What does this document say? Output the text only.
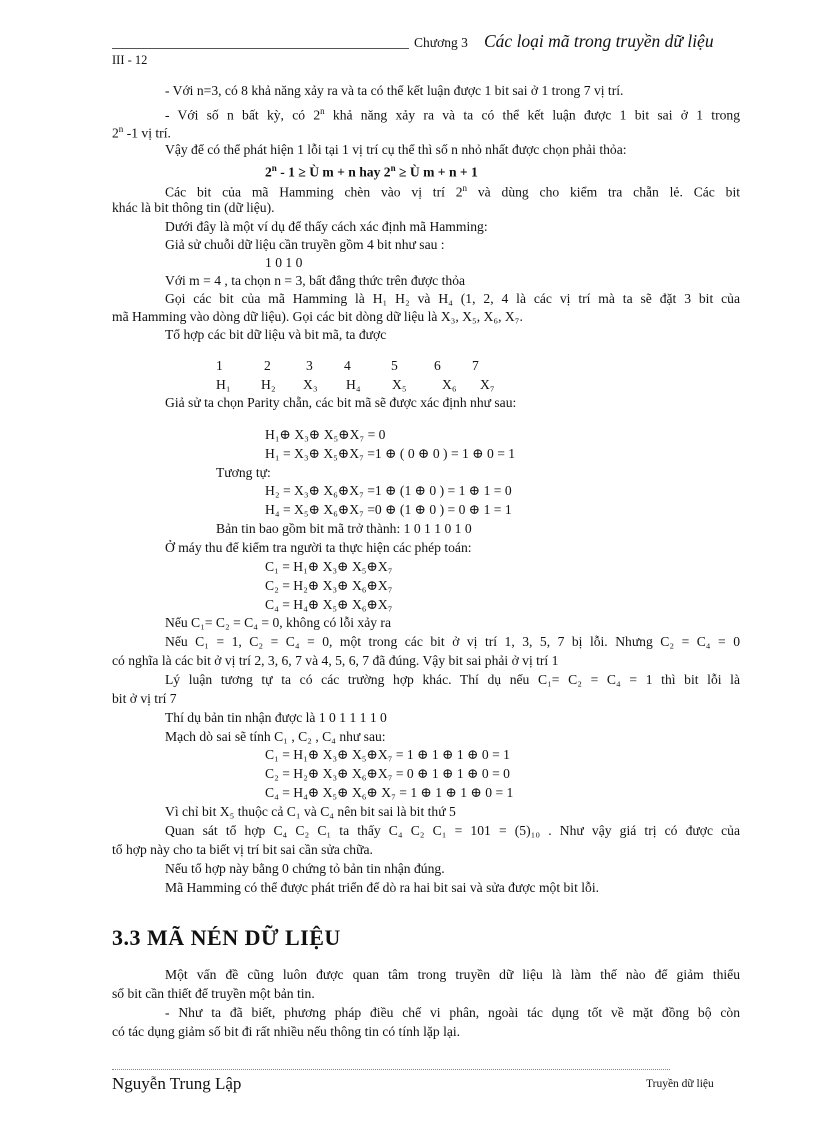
Chương 3 Các loại mã trong truyền dữ liệu
III - 12
- Với n=3, có 8 khả năng xảy ra và ta có thể kết luận được 1 bit sai ở 1 trong 7 vị trí.
- Với số n bất kỳ, có 2$^n$ khả năng xảy ra và ta có thể kết luận được 1 bit sai ở 1 trong
2$^n$ -1 vị trí.
Vậy để có thể phát hiện 1 lỗi tại 1 vị trí cụ thể thì số n nhỏ nhất được chọn phải thỏa:
2$^n$ - 1 ≥ Ù m + n hay $2^n$ ≥ Ù m + n + 1
Các bit của mã Hamming chèn vào vị trí 2$^n$ và dùng cho kiểm tra chẵn lẻ. Các bit
khác là bit thông tin (dữ liệu).
Dưới đây là một ví dụ để thấy cách xác định mã Hamming:
Giả sử chuỗi dữ liệu cần truyền gồm 4 bit như sau :
1 0 1 0
Với m = 4 , ta chọn n = 3, bất đẳng thức trên được thỏa
Gọi các bit của mã Hamming là H₁ H₂ và H₄ (1, 2, 4 là các vị trí mà ta sẽ đặt 3 bit của
mã Hamming vào dòng dữ liệu). Gọi các bit dòng dữ liệu là X₃, X₅, X₆, X₇.
Tổ hợp các bit dữ liệu và bit mã, ta được
1	2	3 4	5	6 7
H₁ H₂ X₃ H₄ X₅	X₆ X₇
Giả sử ta chọn Parity chẵn, các bit mã sẽ được xác định như sau:
H₁⊕ X₃⊕ X₅⊕X₇ = 0
H₁ = X₃⊕ X₅⊕X₇ =1 ⊕ ( 0 ⊕ 0 ) = 1 ⊕ 0 = 1
Tương tự:
H₂ = X₃⊕ X₆⊕X₇ =1 ⊕ (1 ⊕ 0 ) = 1 ⊕ 1 = 0
H₄ = X₅⊕ X₆⊕X₇ =0 ⊕ (1 ⊕ 0 ) = 0 ⊕ 1 = 1
Bản tin bao gồm bit mã trở thành: 1 0 1 1 0 1 0
Ở máy thu để kiểm tra người ta thực hiện các phép toán:
C₁ = H₁⊕ X₃⊕ X₅⊕X₇
C₂ = H₂⊕ X₃⊕ X₆⊕X₇
C₄ = H₄⊕ X₅⊕ X₆⊕X₇
Nếu C₁= C₂ = C₄ = 0, không có lỗi xảy ra
Nếu C₁ = 1, C₂ = C₄ = 0, một trong các bit ở vị trí 1, 3, 5, 7 bị lỗi. Nhưng C₂ = C₄ = 0
có nghĩa là các bit ở vị trí 2, 3, 6, 7 và 4, 5, 6, 7 đã đúng. Vậy bit sai phải ở vị trí 1
Lý luận tương tự ta có các trường hợp khác. Thí dụ nếu C₁= C₂ = C₄ = 1 thì bit lỗi là
bit ở vị trí 7
Thí dụ bản tin nhận được là 1 0 1 1 1 1 0
Mạch dò sai sẽ tính C₁ , C₂ , C₄ như sau:
C₁ = H₁⊕ X₃⊕ X₅⊕X₇ = 1 ⊕ 1 ⊕ 1 ⊕ 0 = 1
C₂ = H₂⊕ X₃⊕ X₆⊕X₇ = 0 ⊕ 1 ⊕ 1 ⊕ 0 = 0
C₄ = H₄⊕ X₅⊕ X₆⊕ X₇ = 1 ⊕ 1 ⊕ 1 ⊕ 0 = 1
Vì chỉ bit X₅ thuộc cả C₁ và C₄ nên bit sai là bit thứ 5
Quan sát tổ hợp C₄ C₂ C₁ ta thấy C₄ C₂ C₁ = 101 = (5)₁₀ . Như vậy giá trị có được của
tổ hợp này cho ta biết vị trí bit sai cần sửa chữa.
Nếu tổ hợp này bằng 0 chứng tỏ bản tin nhận đúng.
Mã Hamming có thể được phát triển để dò ra hai bit sai và sửa được một bit lỗi.
3.3 MÃ NÉN DỮ LIỆU
Một vấn đề cũng luôn được quan tâm trong truyền dữ liệu là làm thế nào để giảm thiểu
số bit cần thiết để truyền một bản tin.
- Như ta đã biết, phương pháp điều chế vi phân, ngoài tác dụng tốt về mặt đồng bộ còn
có tác dụng giảm số bit đi rất nhiều nếu thông tin có tính lặp lại.
Nguyễn Trung Lập	Truyền dữ liệu
